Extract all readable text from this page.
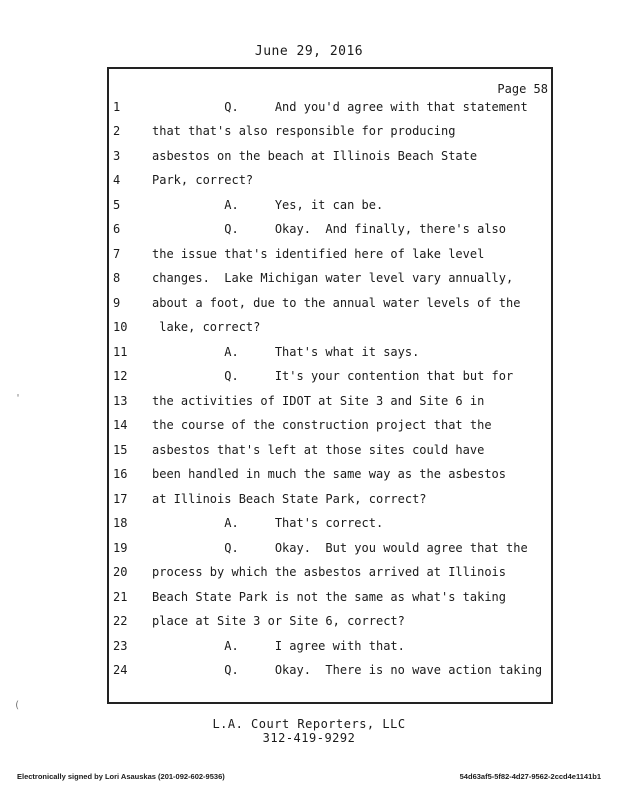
June 29, 2016
Page 58
1	Q.     And you'd agree with that statement
2	that that's also responsible for producing
3	asbestos on the beach at Illinois Beach State
4	Park, correct?
5	A.     Yes, it can be.
6	Q.     Okay.  And finally, there's also
7	the issue that's identified here of lake level
8	changes.  Lake Michigan water level vary annually,
9	about a foot, due to the annual water levels of the
10	lake, correct?
11	A.     That's what it says.
12	Q.     It's your contention that but for
13	the activities of IDOT at Site 3 and Site 6 in
14	the course of the construction project that the
15	asbestos that's left at those sites could have
16	been handled in much the same way as the asbestos
17	at Illinois Beach State Park, correct?
18	A.     That's correct.
19	Q.     Okay.  But you would agree that the
20	process by which the asbestos arrived at Illinois
21	Beach State Park is not the same as what's taking
22	place at Site 3 or Site 6, correct?
23	A.     I agree with that.
24	Q.     Okay.  There is no wave action taking
L.A. Court Reporters, LLC
312-419-9292
Electronically signed by Lori Asauskas (201-092-602-9536)	54d63af5-5f82-4d27-9562-2ccd4e1141b1
'
(
